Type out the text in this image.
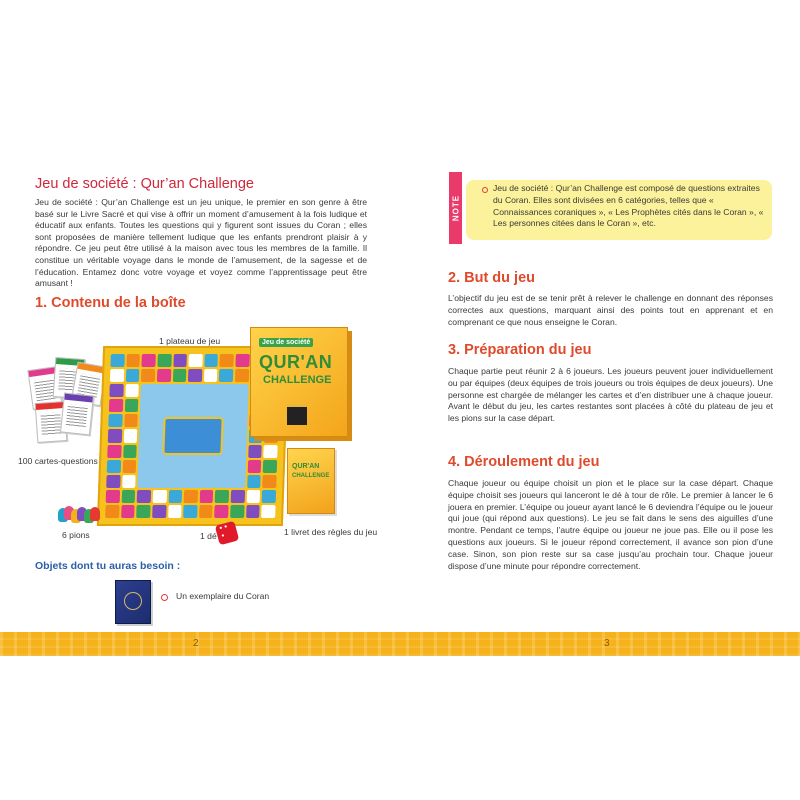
Jeu de société : Qur’an Challenge

Jeu de société : Qur’an Challenge est un jeu unique, le premier en son genre à être basé sur le Livre Sacré et qui vise à offrir un moment d’amusement à la fois ludique et éducatif aux enfants. Toutes les questions qui y figurent sont issues du Coran ; elles sont proposées de manière tellement ludique que les enfants prendront plaisir à y répondre. Ce jeu peut être utilisé à la maison avec tous les membres de la famille. Il constitue un véritable voyage dans le monde de l’amusement, de la sagesse et de l’éducation. Entamez donc votre voyage et voyez comme l’apprentissage peut être amusant !

1. Contenu de la boîte

1 plateau de jeu	Jeu de société
QUR'AN
CHALLENGE
QUR'AN
CHALLENGE

100 cartes-questions

6 pions	1 dé

• • •	1 livret des règles du jeu

Objets dont tu auras besoin :

Un exemplaire du Coran

NOTE

Jeu de société : Qur’an Challenge est composé de questions extraites du Coran. Elles sont divisées en 6 catégories, telles que « Connaissances coraniques », « Les Prophètes cités dans le Coran », « Les personnes citées dans le Coran », etc.

2. But du jeu

L’objectif du jeu est de se tenir prêt à relever le challenge en donnant des réponses correctes aux questions, marquant ainsi des points tout en apprenant et en comprenant ce que nous enseigne le Coran.

3. Préparation du jeu

Chaque partie peut réunir 2 à 6 joueurs. Les joueurs peuvent jouer individuellement ou par équipes (deux équipes de trois joueurs ou trois équipes de deux joueurs). Une personne est chargée de mélanger les cartes et d’en distribuer une à chaque joueur. Avant le début du jeu, les cartes restantes sont placées à côté du plateau de jeu et les pions sur la case départ.

4. Déroulement du jeu

Chaque joueur ou équipe choisit un pion et le place sur la case départ. Chaque équipe choisit ses joueurs qui lanceront le dé à tour de rôle. Le premier à lancer le 6 jouera en premier. L’équipe ou joueur ayant lancé le 6 deviendra l’équipe ou le joueur qui joue (qui répond aux questions). Le jeu se fait dans le sens des aiguilles d’une montre. Pendant ce temps, l’autre équipe ou joueur ne joue pas. Elle ou il pose les questions aux joueurs. Si le joueur répond correctement, il avance son pion d’une case. Sinon, son pion reste sur sa case jusqu’au prochain tour. Chaque joueur dispose d’une minute pour répondre correctement.

2	3
